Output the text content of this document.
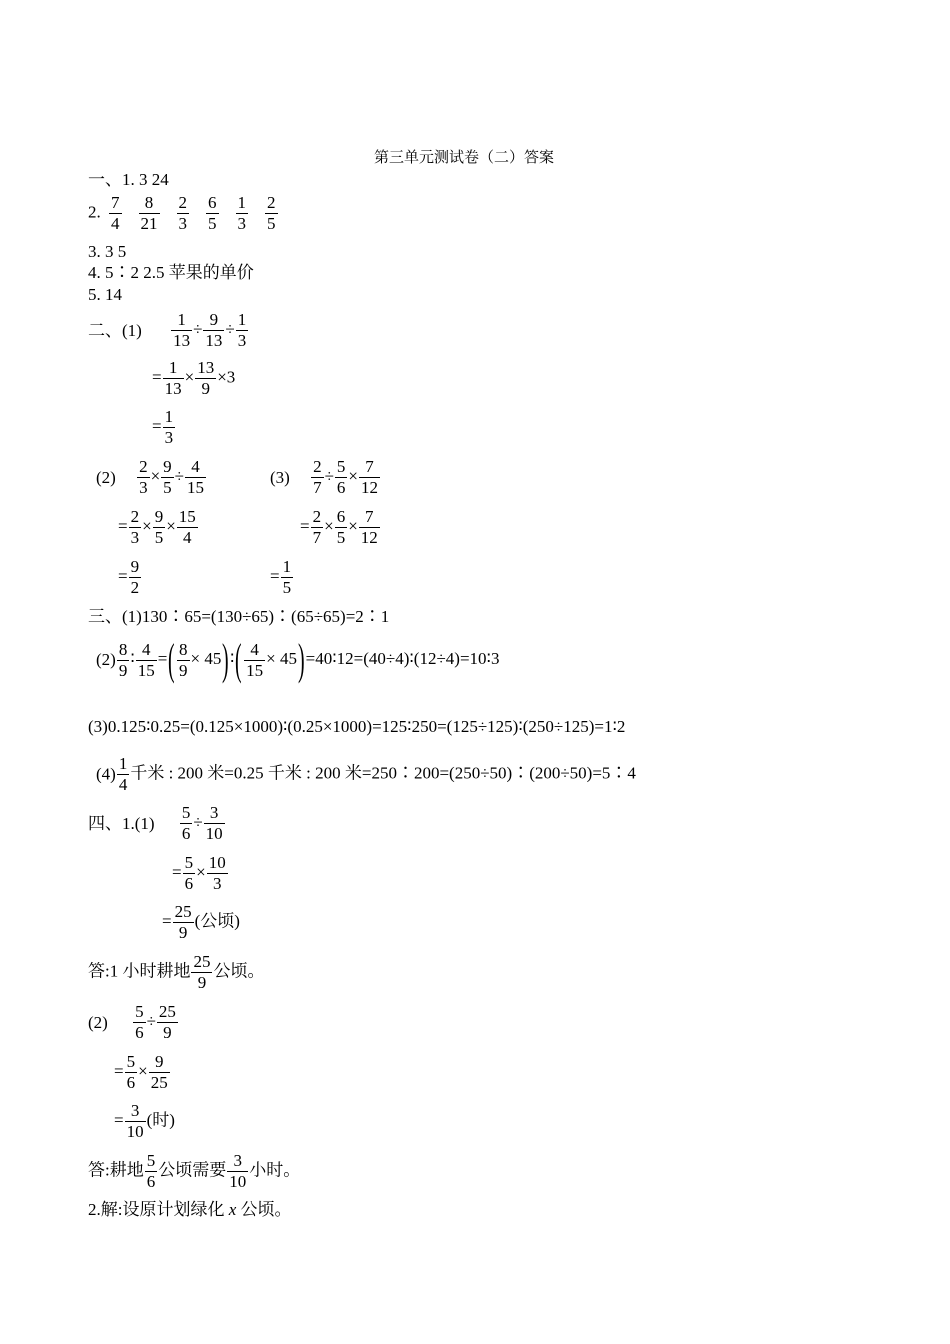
第三单元测试卷（二）答案
一、1. 3 24
2. $\frac{7}{4} \frac{8}{21} \frac{2}{3} \frac{6}{5} \frac{1}{3} \frac{2}{5}$
3. 3 5
4. 5∶2 2.5 苹果的单价
5. 14
二、$(1) \frac{1}{13} \div \frac{9}{13} \div \frac{1}{3}$
= $\frac{1}{13} \times \frac{13}{9} \times 3$
= $\frac{1}{3}$
$(2) \frac{2}{3} \times \frac{9}{5} \div \frac{4}{15}$
= $\frac{2}{3} \times \frac{9}{5} \times \frac{15}{4}$
= $\frac{9}{2}$
$(3) \frac{2}{7} \div \frac{5}{6} \times \frac{7}{12}$
= $\frac{2}{7} \times \frac{6}{5} \times \frac{7}{12}$
= $\frac{1}{5}$
三、(1)130∶65=(130÷65)∶(65÷65)=2∶1
$(2) \frac{8}{9}$ ∶ $\frac{4}{15}$ =( $\frac{8}{9}$ × 45)∶( $\frac{4}{15}$ × 45)=40∶12=(40÷4)∶(12÷4)=10∶3
(3)0.125∶0.25=(0.125×1000)∶(0.25×1000)=125∶250=(125÷125)∶(250÷125)=1∶2
$(4) \frac{1}{4}$ 千米 : 200 米=0.25 千米 : 200 米=250∶200=(250÷50)∶(200÷50)=5∶4
四、$1.(1) \frac{5}{6} \div \frac{3}{10}$
= $\frac{5}{6} \times \frac{10}{3}$
= $\frac{25}{9}$ (公顷)
答:1 小时耕地 $\frac{25}{9}$ 公顷。
$(2) \frac{5}{6} \div \frac{25}{9}$
= $\frac{5}{6} \times \frac{9}{25}$
= $\frac{3}{10}$ (时)
答:耕地 $\frac{5}{6}$ 公顷需要 $\frac{3}{10}$ 小时。
2.解:设原计划绿化 x 公顷。
